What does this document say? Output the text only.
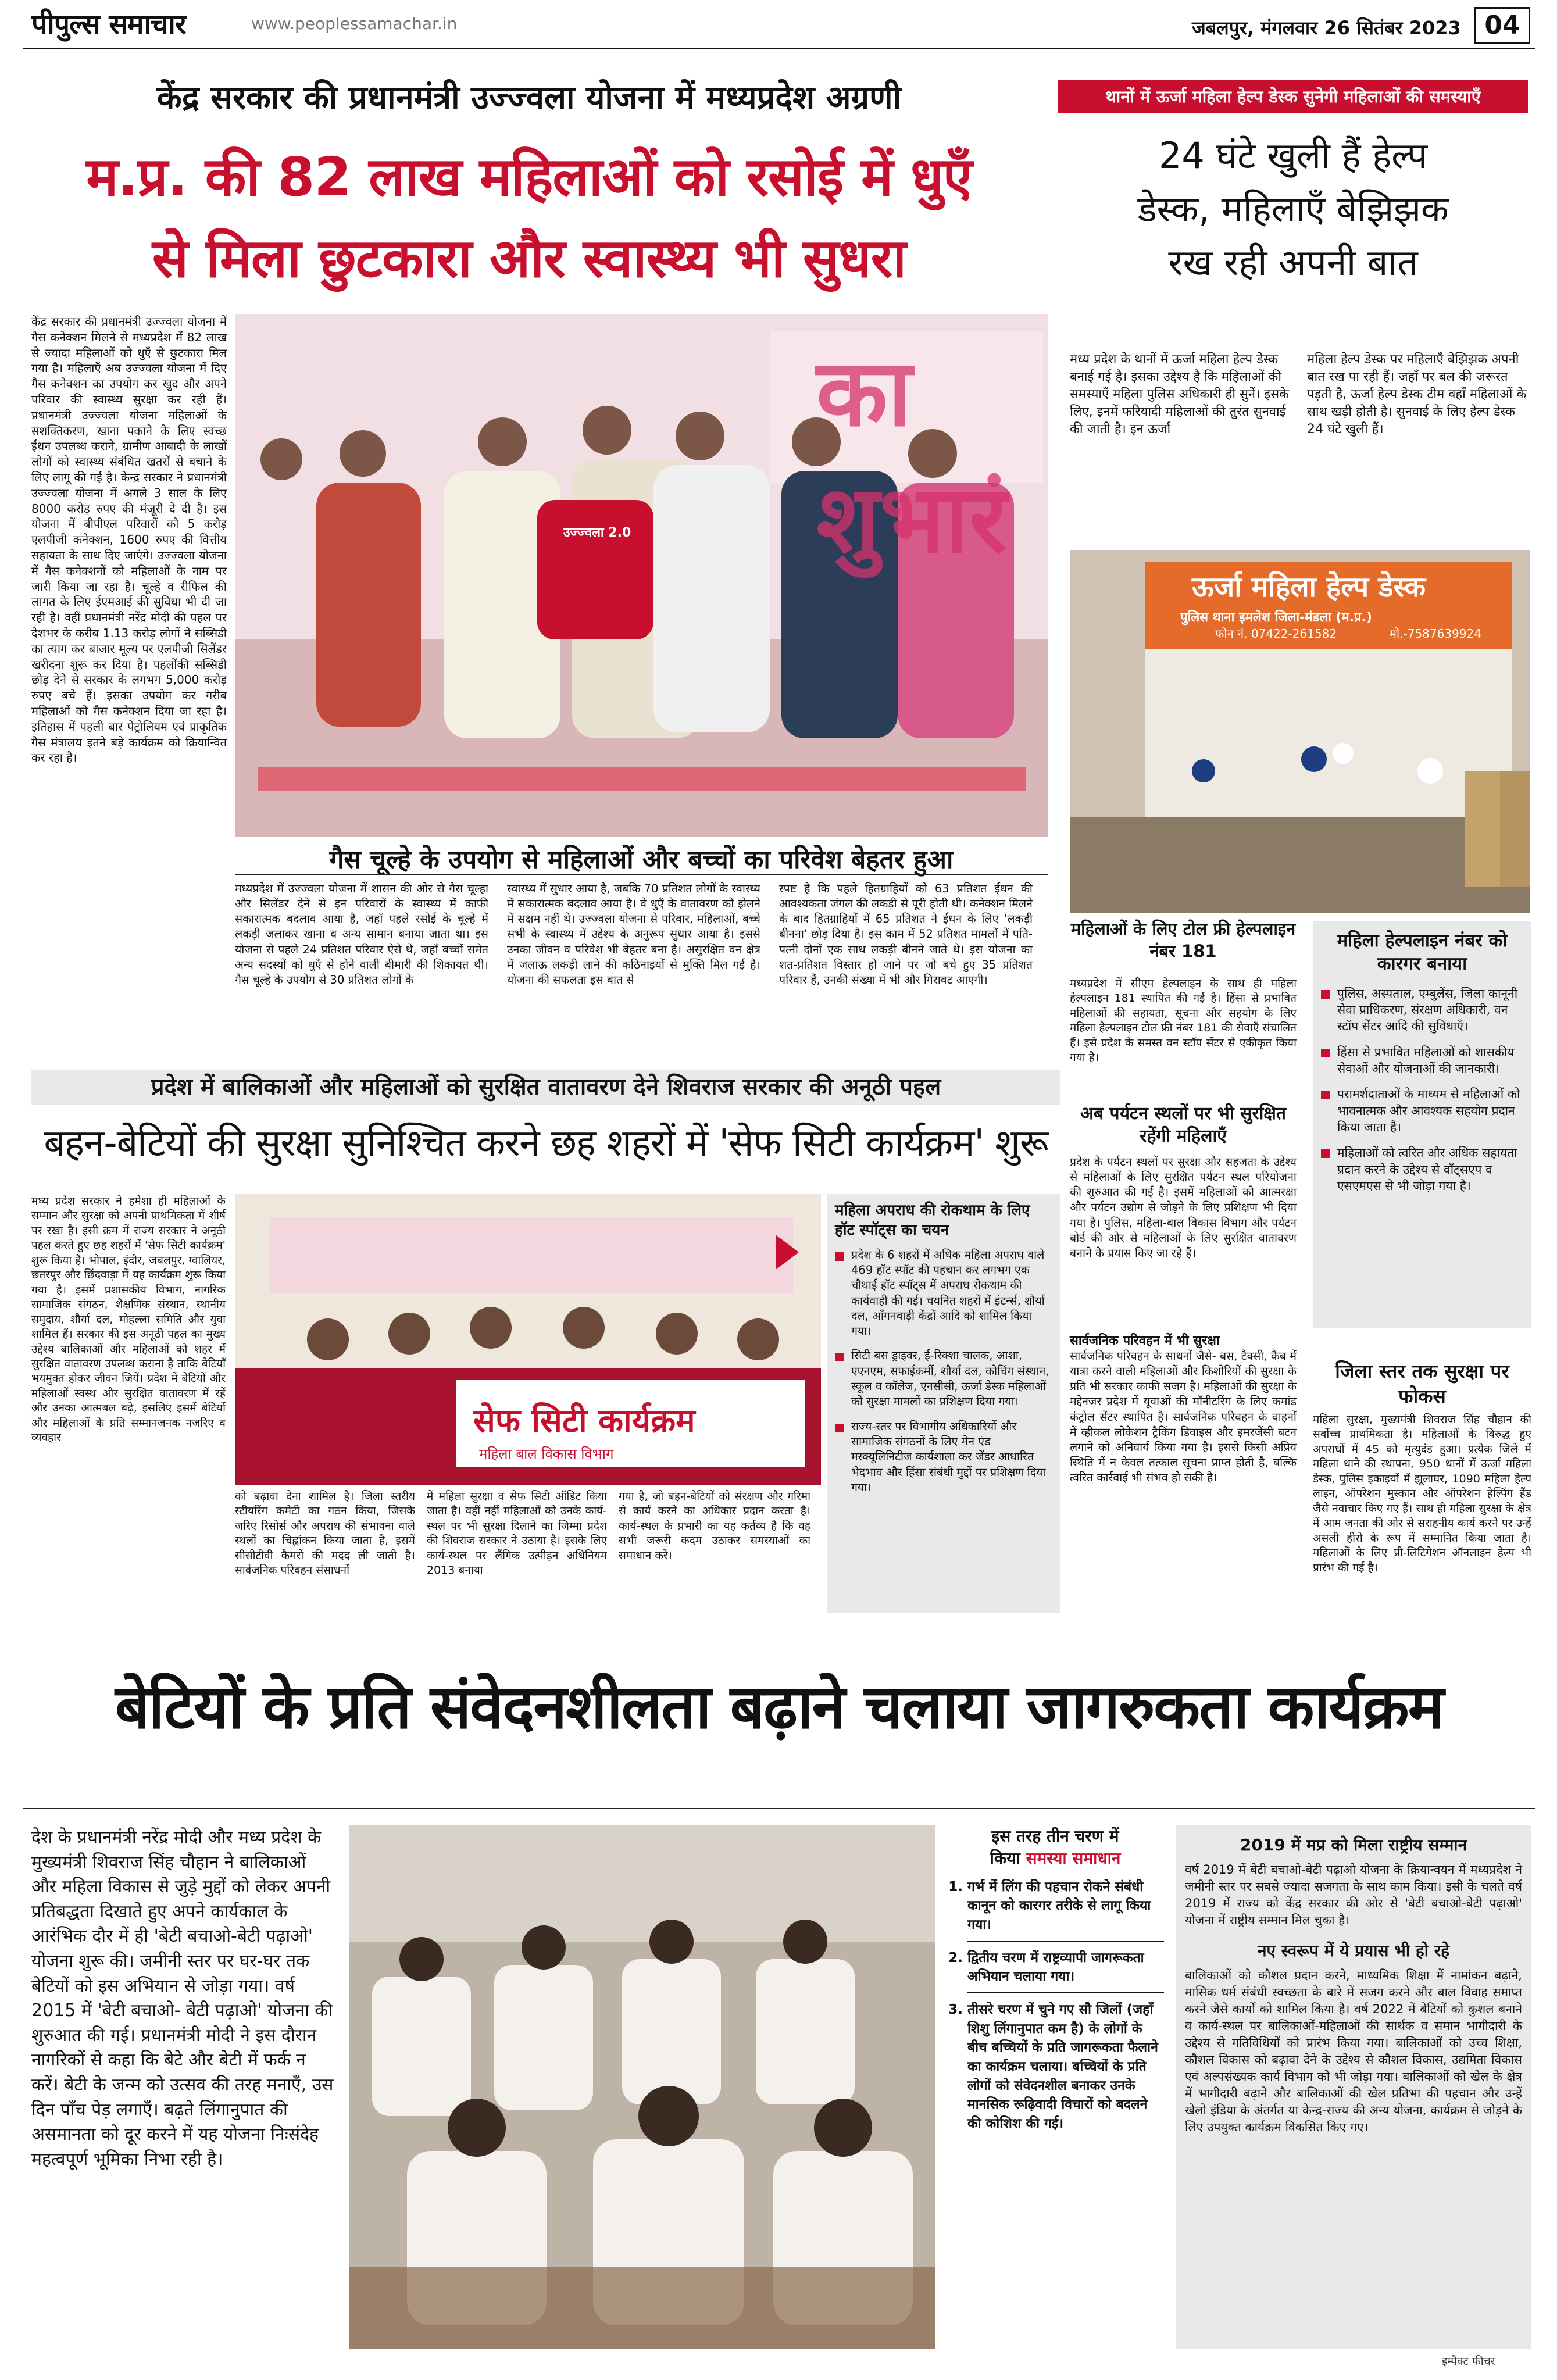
पीपुल्स समाचार	www.peoplessamachar.in	जबलपुर, मंगलवार 26 सितंबर 2023 04
केंद्र सरकार की प्रधानमंत्री उज्ज्वला योजना में मध्यप्रदेश अग्रणी
म.प्र. की 82 लाख महिलाओं को रसोई में धुएँ
से मिला छुटकारा और स्वास्थ्य भी सुधरा

केंद्र सरकार की प्रधानमंत्री उज्ज्वला योजना में गैस कनेक्शन मिलने से मध्यप्रदेश में 82 लाख से ज्यादा महिलाओं को धुएँ से छुटकारा मिल गया है। महिलाएँ अब उज्ज्वला योजना में दिए गैस कनेक्शन का उपयोग कर खुद और अपने परिवार की स्वास्थ्य सुरक्षा कर रही हैं। प्रधानमंत्री उज्ज्वला योजना महिलाओं के सशक्तिकरण, खाना पकाने के लिए स्वच्छ ईंधन उपलब्ध कराने, ग्रामीण आबादी के लाखों लोगों को स्वास्थ्य संबंधित खतरों से बचाने के लिए लागू की गई है। केन्द्र सरकार ने प्रधानमंत्री उज्ज्वला योजना में अगले 3 साल के लिए 8000 करोड़ रुपए की मंजूरी दे दी है। इस योजना में बीपीएल परिवारों को 5 करोड़ एलपीजी कनेक्शन, 1600 रुपए की वित्तीय सहायता के साथ दिए जाएंगे। उज्ज्वला योजना में गैस कनेक्शनों को महिलाओं के नाम पर जारी किया जा रहा है। चूल्हे व रीफिल की लागत के लिए ईएमआई की सुविधा भी दी जा रही है। वहीं प्रधानमंत्री नरेंद्र मोदी की पहल पर देशभर के करीब 1.13 करोड़ लोगों ने सब्सिडी का त्याग कर बाजार मूल्य पर एलपीजी सिलेंडर खरीदना शुरू कर दिया है। पहलोंकी सब्सिडी छोड़ देने से सरकार के लगभग 5,000 करोड़ रुपए बचे हैं। इसका उपयोग कर गरीब महिलाओं को गैस कनेक्शन दिया जा रहा है। इतिहास में पहली बार पेट्रोलियम एवं प्राकृतिक गैस मंत्रालय इतने बड़े कार्यक्रम को क्रियान्वित कर रहा है।

का शुभारं
उज्ज्वला 2.0
गैस चूल्हे के उपयोग से महिलाओं और बच्चों का परिवेश बेहतर हुआ

मध्यप्रदेश में उज्ज्वला योजना में शासन की ओर से गैस चूल्हा और सिलेंडर देने से इन परिवारों के स्वास्थ्य में काफी सकारात्मक बदलाव आया है, जहाँ पहले रसोई के चूल्हे में लकड़ी जलाकर खाना व अन्य सामान बनाया जाता था। इस योजना से पहले 24 प्रतिशत परिवार ऐसे थे, जहाँ बच्चों समेत अन्य सदस्यों को धुएँ से होने वाली बीमारी की शिकायत थी। गैस चूल्हे के उपयोग से 30 प्रतिशत लोगों के

स्वास्थ्य में सुधार आया है, जबकि 70 प्रतिशत लोगों के स्वास्थ्य में सकारात्मक बदलाव आया है। वे धुएँ के वातावरण को झेलने में सक्षम नहीं थे। उज्ज्वला योजना से परिवार, महिलाओं, बच्चे सभी के स्वास्थ्य में उद्देश्य के अनुरूप सुधार आया है। इससे उनका जीवन व परिवेश भी बेहतर बना है। असुरक्षित वन क्षेत्र में जलाऊ लकड़ी लाने की कठिनाइयों से मुक्ति मिल गई है। योजना की सफलता इस बात से

स्पष्ट है कि पहले हितग्राहियों को 63 प्रतिशत ईंधन की आवश्यकता जंगल की लकड़ी से पूरी होती थी। कनेक्शन मिलने के बाद हितग्राहियों में 65 प्रतिशत ने ईंधन के लिए 'लकड़ी बीनना' छोड़ दिया है। इस काम में 52 प्रतिशत मामलों में पति-पत्नी दोनों एक साथ लकड़ी बीनने जाते थे। इस योजना का शत-प्रतिशत विस्तार हो जाने पर जो बचे हुए 35 प्रतिशत परिवार हैं, उनकी संख्या में भी और गिरावट आएगी।

थानों में ऊर्जा महिला हेल्प डेस्क सुनेगी महिलाओं की समस्याएँ
24 घंटे खुली हैं हेल्प
डेस्क, महिलाएँ बेझिझक
रख रही अपनी बात

मध्य प्रदेश के थानों में ऊर्जा महिला हेल्प डेस्क बनाई गई है। इसका उद्देश्य है कि महिलाओं की समस्याएँ महिला पुलिस अधिकारी ही सुनें। इसके लिए, इनमें फरियादी महिलाओं की तुरंत सुनवाई की जाती है। इन ऊर्जा

महिला हेल्प डेस्क पर महिलाएँ बेझिझक अपनी बात रख पा रही हैं। जहाँ पर बल की जरूरत पड़ती है, ऊर्जा हेल्प डेस्क टीम वहाँ महिलाओं के साथ खड़ी होती है। सुनवाई के लिए हेल्प डेस्क 24 घंटे खुली हैं।

ऊर्जा महिला हेल्प डेस्क
पुलिस थाना इमलेश जिला-मंडला (म.प्र.)
फोन नं. 07422-261582	मो.-7587639924
महिलाओं के लिए टोल फ्री हेल्पलाइन नंबर 181

मध्यप्रदेश में सीएम हेल्पलाइन के साथ ही महिला हेल्पलाइन 181 स्थापित की गई है। हिंसा से प्रभावित महिलाओं की सहायता, सूचना और सहयोग के लिए महिला हेल्पलाइन टोल फ्री नंबर 181 की सेवाएँ संचालित हैं। इसे प्रदेश के समस्त वन स्टॉप सेंटर से एकीकृत किया गया है।

अब पर्यटन स्थलों पर भी सुरक्षित रहेंगी महिलाएँ

प्रदेश के पर्यटन स्थलों पर सुरक्षा और सहजता के उद्देश्य से महिलाओं के लिए सुरक्षित पर्यटन स्थल परियोजना की शुरुआत की गई है। इसमें महिलाओं को आत्मरक्षा और पर्यटन उद्योग से जोड़ने के लिए प्रशिक्षण भी दिया गया है। पुलिस, महिला-बाल विकास विभाग और पर्यटन बोर्ड की ओर से महिलाओं के लिए सुरक्षित वातावरण बनाने के प्रयास किए जा रहे हैं।

सार्वजनिक परिवहन में भी सुरक्षा

सार्वजनिक परिवहन के साधनों जैसे- बस, टैक्सी, कैब में यात्रा करने वाली महिलाओं और किशोरियों की सुरक्षा के प्रति भी सरकार काफी सजग है। महिलाओं की सुरक्षा के मद्देनजर प्रदेश में यूवाओं की मॉनीटरिंग के लिए कमांड कंट्रोल सेंटर स्थापित है। सार्वजनिक परिवहन के वाहनों में व्हीकल लोकेशन ट्रैकिंग डिवाइस और इमरजेंसी बटन लगाने को अनिवार्य किया गया है। इससे किसी अप्रिय स्थिति में न केवल तत्काल सूचना प्राप्त होती है, बल्कि त्वरित कार्रवाई भी संभव हो सकी है।

महिला हेल्पलाइन नंबर को कारगर बनाया
पुलिस, अस्पताल, एम्बुलेंस, जिला कानूनी सेवा प्राधिकरण, संरक्षण अधिकारी, वन स्टॉप सेंटर आदि की सुविधाएँ।
हिंसा से प्रभावित महिलाओं को शासकीय सेवाओं और योजनाओं की जानकारी।
परामर्शदाताओं के माध्यम से महिलाओं को भावनात्मक और आवश्यक सहयोग प्रदान किया जाता है।
महिलाओं को त्वरित और अधिक सहायता प्रदान करने के उद्देश्य से वॉट्सएप व एसएमएस से भी जोड़ा गया है।
जिला स्तर तक सुरक्षा पर फोकस

महिला सुरक्षा, मुख्यमंत्री शिवराज सिंह चौहान की सर्वोच्च प्राथमिकता है। महिलाओं के विरुद्ध हुए अपराधों में 45 को मृत्युदंड हुआ। प्रत्येक जिले में महिला थाने की स्थापना, 950 थानों में ऊर्जा महिला डेस्क, पुलिस इकाइयों में झूलाघर, 1090 महिला हेल्प लाइन, ऑपरेशन मुस्कान और ऑपरेशन हेल्पिंग हैंड जैसे नवाचार किए गए हैं। साथ ही महिला सुरक्षा के क्षेत्र में आम जनता की ओर से सराहनीय कार्य करने पर उन्हें असली हीरो के रूप में सम्मानित किया जाता है। महिलाओं के लिए प्री-लिटिगेशन ऑनलाइन हेल्प भी प्रारंभ की गई है।

प्रदेश में बालिकाओं और महिलाओं को सुरक्षित वातावरण देने शिवराज सरकार की अनूठी पहल
बहन-बेटियों की सुरक्षा सुनिश्चित करने छह शहरों में 'सेफ सिटी कार्यक्रम' शुरू

मध्य प्रदेश सरकार ने हमेशा ही महिलाओं के सम्मान और सुरक्षा को अपनी प्राथमिकता में शीर्ष पर रखा है। इसी क्रम में राज्य सरकार ने अनूठी पहल करते हुए छह शहरों में 'सेफ सिटी कार्यक्रम' शुरू किया है। भोपाल, इंदौर, जबलपुर, ग्वालियर, छतरपुर और छिंदवाड़ा में यह कार्यक्रम शुरू किया गया है। इसमें प्रशासकीय विभाग, नागरिक सामाजिक संगठन, शैक्षणिक संस्थान, स्थानीय समुदाय, शौर्या दल, मोहल्ला समिति और युवा शामिल हैं। सरकार की इस अनूठी पहल का मुख्य उद्देश्य बालिकाओं और महिलाओं को शहर में सुरक्षित वातावरण उपलब्ध कराना है ताकि बेटियाँ भयमुक्त होकर जीवन जियें। प्रदेश में बेटियों और महिलाओं स्वस्थ और सुरक्षित वातावरण में रहें और उनका आत्मबल बढ़े, इसलिए इसमें बेटियों और महिलाओं के प्रति सम्मानजनक नजरिए व व्यवहार	सेफ सिटी कार्यक्रम
महिला बाल विकास विभाग

को बढ़ावा देना शामिल है। जिला स्तरीय स्टीयरिंग कमेटी का गठन किया, जिसके जरिए रिसोर्स और अपराध की संभावना वाले स्थलों का चिह्नांकन किया जाता है, इसमें सीसीटीवी कैमरों की मदद ली जाती है। सार्वजनिक परिवहन संसाधनों

में महिला सुरक्षा व सेफ सिटी ऑडिट किया जाता है। वहीं नहीं महिलाओं को उनके कार्य-स्थल पर भी सुरक्षा दिलाने का जिम्मा प्रदेश की शिवराज सरकार ने उठाया है। इसके लिए कार्य-स्थल पर लैंगिक उत्पीड़न अधिनियम 2013 बनाया

गया है, जो बहन-बेटियों को संरक्षण और गरिमा से कार्य करने का अधिकार प्रदान करता है। कार्य-स्थल के प्रभारी का यह कर्तव्य है कि वह सभी जरूरी कदम उठाकर समस्याओं का समाधान करें।

महिला अपराध की रोकथाम के लिए हॉट स्पॉट्स का चयन
प्रदेश के 6 शहरों में अधिक महिला अपराध वाले 469 हॉट स्पॉट की पहचान कर लगभग एक चौथाई हॉट स्पॉट्स में अपराध रोकथाम की कार्यवाही की गई। चयनित शहरों में इंटर्न्स, शौर्या दल, ऑंगनवाड़ी केंद्रों आदि को शामिल किया गया।
सिटी बस ड्राइवर, ई-रिक्शा चालक, आशा, एएनएम, सफाईकर्मी, शौर्या दल, कोचिंग संस्थान, स्कूल व कॉलेज, एनसीसी, ऊर्जा डेस्क महिलाओं को सुरक्षा मामलों का प्रशिक्षण दिया गया।
राज्य-स्तर पर विभागीय अधिकारियों और सामाजिक संगठनों के लिए मेन एंड मस्क्यूलिनिटीज कार्यशाला कर जेंडर आधारित भेदभाव और हिंसा संबंधी मुद्दों पर प्रशिक्षण दिया गया।
बेटियों के प्रति संवेदनशीलता बढ़ाने चलाया जागरुकता कार्यक्रम

देश के प्रधानमंत्री नरेंद्र मोदी और मध्य प्रदेश के मुख्यमंत्री शिवराज सिंह चौहान ने बालिकाओं और महिला विकास से जुड़े मुद्दों को लेकर अपनी प्रतिबद्धता दिखाते हुए अपने कार्यकाल के आरंभिक दौर में ही 'बेटी बचाओ-बेटी पढ़ाओ' योजना शुरू की। जमीनी स्तर पर घर-घर तक बेटियों को इस अभियान से जोड़ा गया। वर्ष 2015 में 'बेटी बचाओ- बेटी पढ़ाओ' योजना की शुरुआत की गई। प्रधानमंत्री मोदी ने इस दौरान नागरिकों से कहा कि बेटे और बेटी में फर्क न करें। बेटी के जन्म को उत्सव की तरह मनाएँ, उस दिन पाँच पेड़ लगाएँ। बढ़ते लिंगानुपात की असमानता को दूर करने में यह योजना निःसंदेह महत्वपूर्ण भूमिका निभा रही है।

इस तरह तीन चरण में
किया समस्या समाधान
1. गर्भ में लिंग की पहचान रोकने संबंधी कानून को कारगर तरीके से लागू किया गया।
2. द्वितीय चरण में राष्ट्रव्यापी जागरूकता अभियान चलाया गया।
3. तीसरे चरण में चुने गए सौ जिलों (जहाँ शिशु लिंगानुपात कम है) के लोगों के बीच बच्चियों के प्रति जागरूकता फैलाने का कार्यक्रम चलाया। बच्चियों के प्रति लोगों को संवेदनशील बनाकर उनके मानसिक रूढ़िवादी विचारों को बदलने की कोशिश की गई।
2019 में मप्र को मिला राष्ट्रीय सम्मान

वर्ष 2019 में बेटी बचाओ-बेटी पढ़ाओ योजना के क्रियान्वयन में मध्यप्रदेश ने जमीनी स्तर पर सबसे ज्यादा सजगता के साथ काम किया। इसी के चलते वर्ष 2019 में राज्य को केंद्र सरकार की ओर से 'बेटी बचाओ-बेटी पढ़ाओ' योजना में राष्ट्रीय सम्मान मिल चुका है।

नए स्वरूप में ये प्रयास भी हो रहे

बालिकाओं को कौशल प्रदान करने, माध्यमिक शिक्षा में नामांकन बढ़ाने, मासिक धर्म संबंधी स्वच्छता के बारे में सजग करने और बाल विवाह समाप्त करने जैसे कार्यों को शामिल किया है। वर्ष 2022 में बेटियों को कुशल बनाने व कार्य-स्थल पर बालिकाओं-महिलाओं की सार्थक व समान भागीदारी के उद्देश्य से गतिविधियों को प्रारंभ किया गया। बालिकाओं को उच्च शिक्षा, कौशल विकास को बढ़ावा देने के उद्देश्य से कौशल विकास, उद्यमिता विकास एवं अल्पसंख्यक कार्य विभाग को भी जोड़ा गया। बालिकाओं को खेल के क्षेत्र में भागीदारी बढ़ाने और बालिकाओं की खेल प्रतिभा की पहचान और उन्हें खेलो इंडिया के अंतर्गत या केन्द्र-राज्य की अन्य योजना, कार्यक्रम से जोड़ने के लिए उपयुक्त कार्यक्रम विकसित किए गए।

इम्पैक्ट फीचर
